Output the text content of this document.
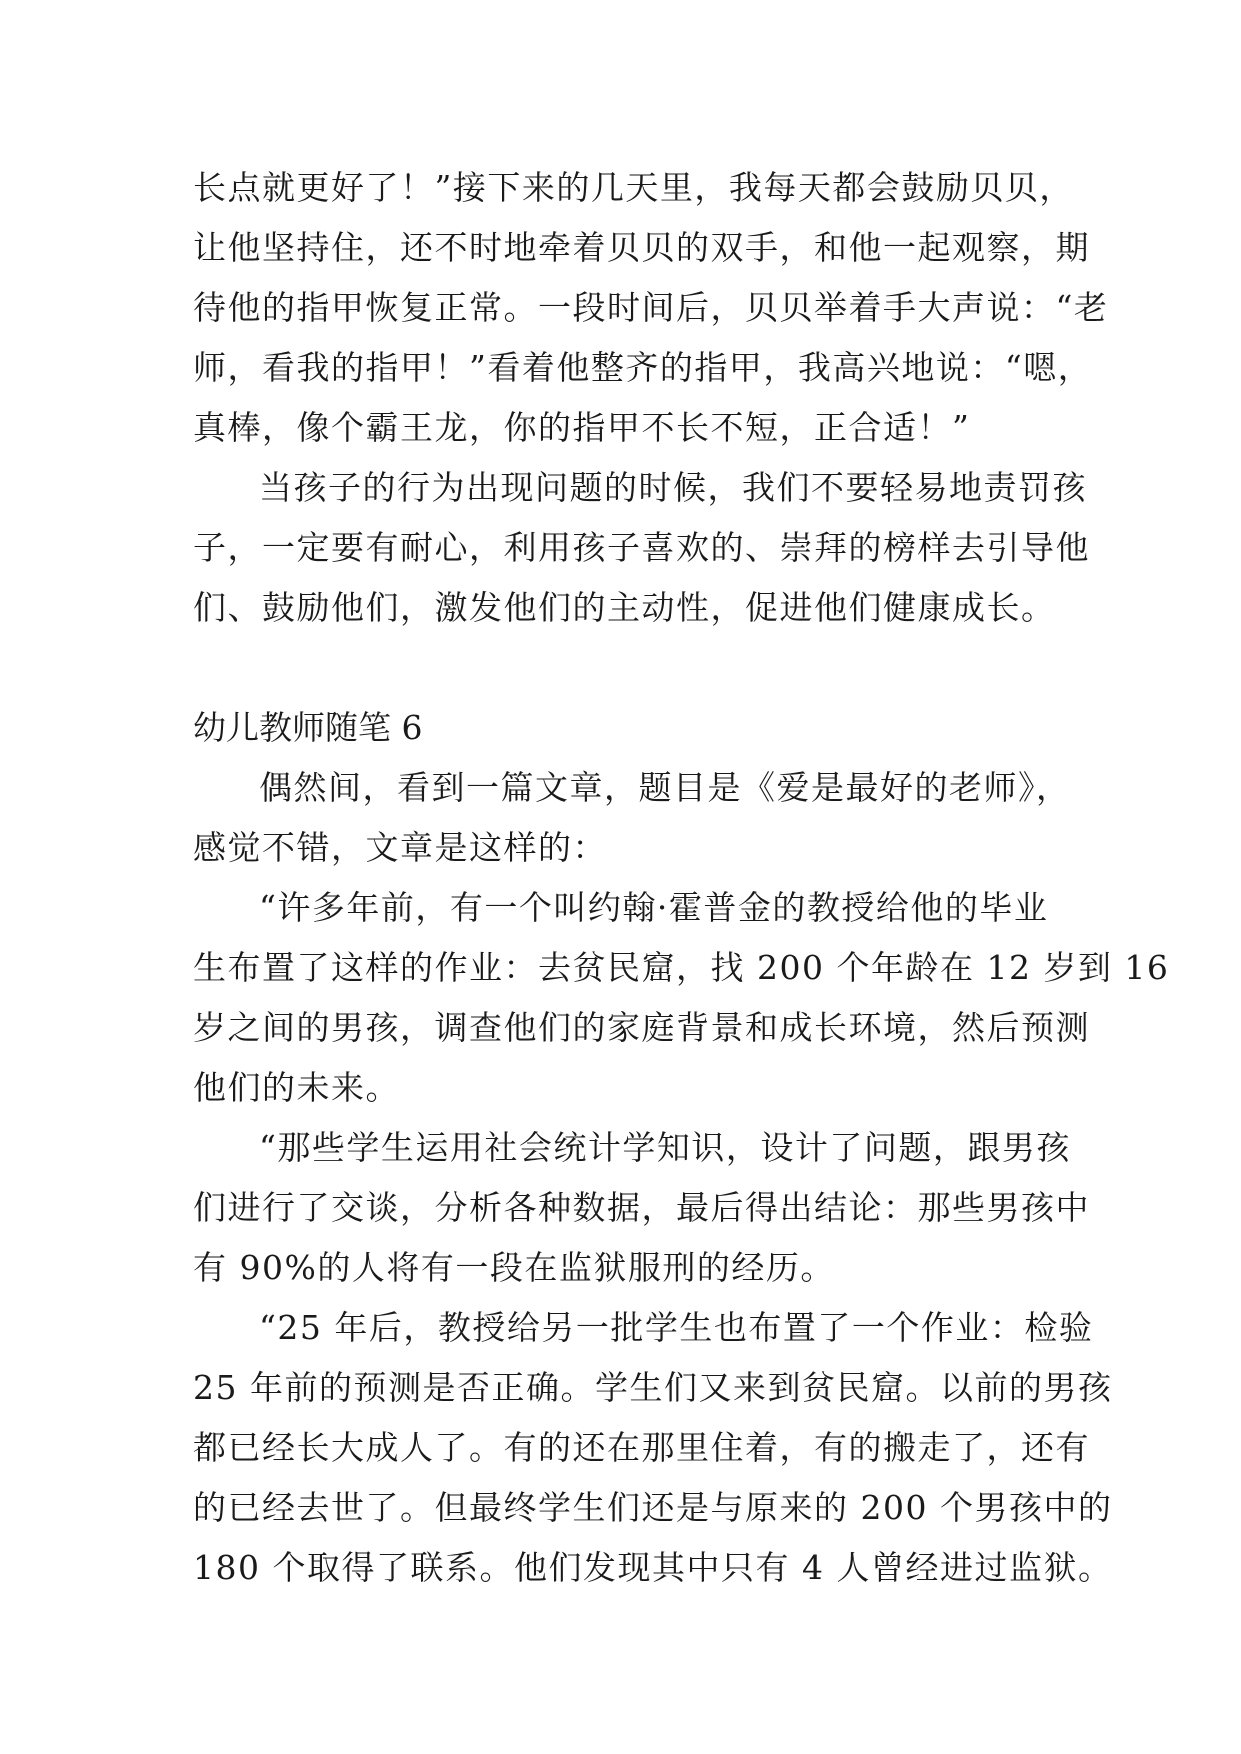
长点就更好了！”接下来的几天里，我每天都会鼓励贝贝，
让他坚持住，还不时地牵着贝贝的双手，和他一起观察，期
待他的指甲恢复正常。一段时间后，贝贝举着手大声说：“老
师，看我的指甲！”看着他整齐的指甲，我高兴地说：“嗯，
真棒，像个霸王龙，你的指甲不长不短，正合适！”

当孩子的行为出现问题的时候，我们不要轻易地责罚孩
子，一定要有耐心，利用孩子喜欢的、崇拜的榜样去引导他
们、鼓励他们，激发他们的主动性，促进他们健康成长。

幼儿教师随笔 6

偶然间，看到一篇文章，题目是《爱是最好的老师》，
感觉不错，文章是这样的：

“许多年前，有一个叫约翰·霍普金的教授给他的毕业
生布置了这样的作业：去贫民窟，找 200 个年龄在 12 岁到 16
岁之间的男孩，调查他们的家庭背景和成长环境，然后预测
他们的未来。

“那些学生运用社会统计学知识，设计了问题，跟男孩
们进行了交谈，分析各种数据，最后得出结论：那些男孩中
有 90%的人将有一段在监狱服刑的经历。

“25 年后，教授给另一批学生也布置了一个作业：检验
25 年前的预测是否正确。学生们又来到贫民窟。以前的男孩
都已经长大成人了。有的还在那里住着，有的搬走了，还有
的已经去世了。但最终学生们还是与原来的 200 个男孩中的
180 个取得了联系。他们发现其中只有 4 人曾经进过监狱。
